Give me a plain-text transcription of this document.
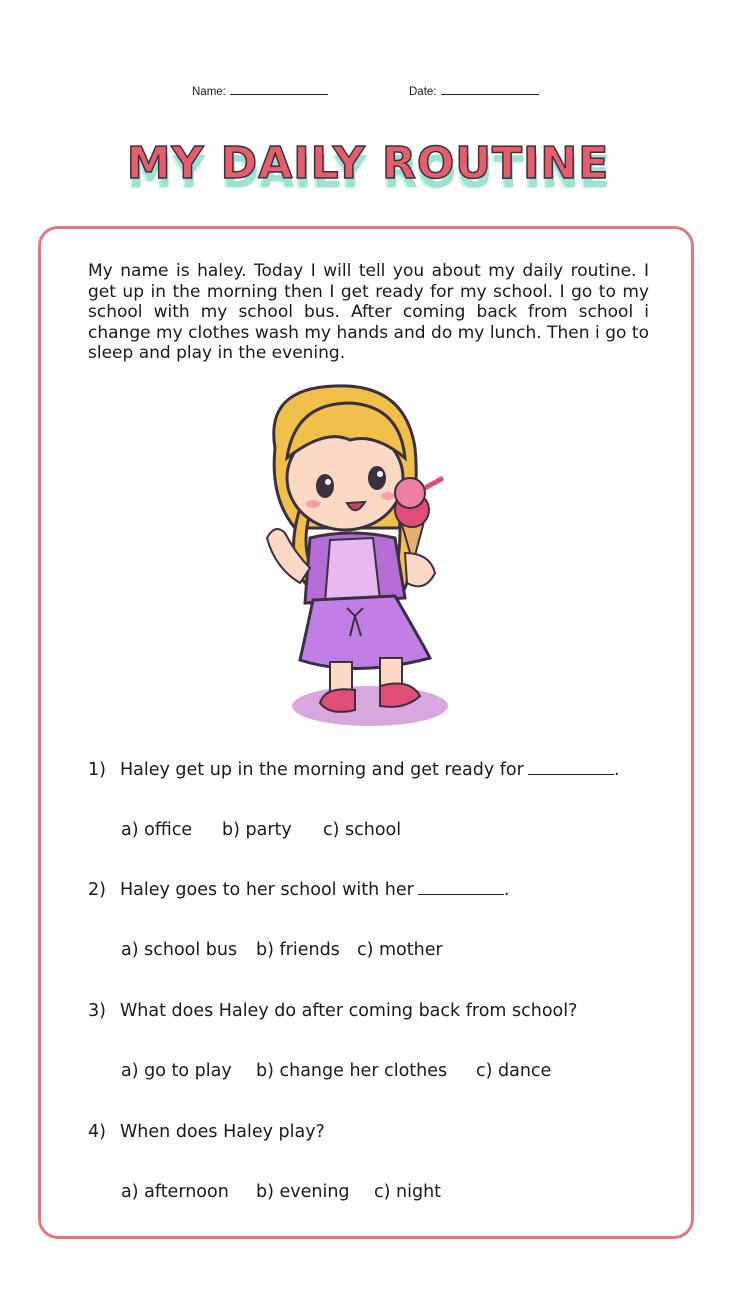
Name:	Date:
MY DAILY ROUTINE
My name is haley. Today I will tell you about my daily routine. I get up in the morning then I get ready for my school. I go to my school with my school bus. After coming back from school i change my clothes wash my hands and do my lunch. Then i go to sleep and play in the evening.
1) Haley get up in the morning and get ready for	.
a) office b) party c) school
2) Haley goes to her school with her	.
a) school bus b) friends c) mother
3) What does Haley do after coming back from school?
a) go to play b) change her clothes c) dance
4) When does Haley play?
a) afternoon b) evening c) night
